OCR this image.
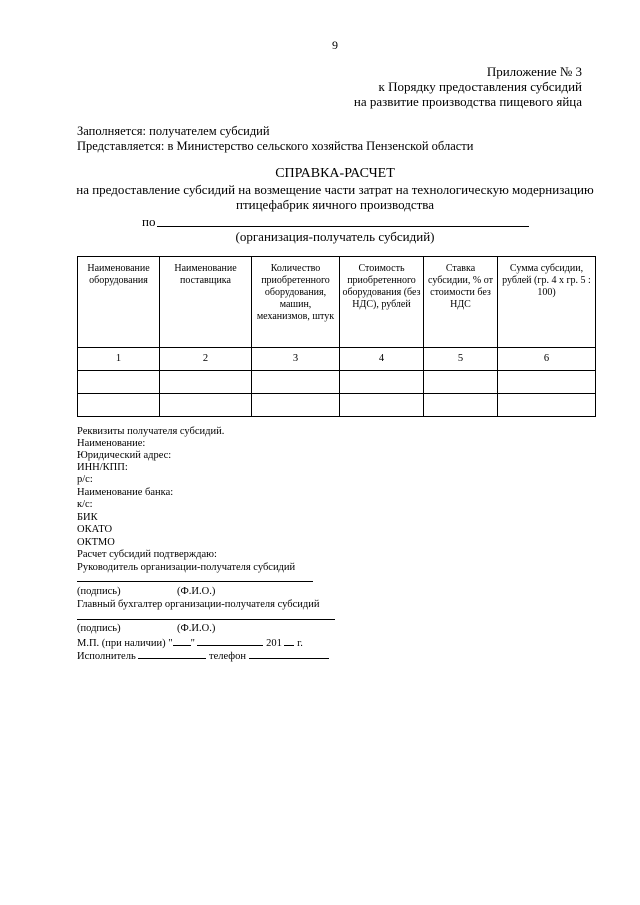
9
Приложение № 3
к Порядку предоставления субсидий
на развитие производства пищевого яйца
Заполняется: получателем субсидий
Представляется: в Министерство сельского хозяйства Пензенской области
СПРАВКА-РАСЧЕТ
на предоставление субсидий на возмещение части затрат на технологическую модернизацию
птицефабрик яичного производства
по
(организация-получатель субсидий)
Наименование оборудования	Наименование поставщика	Количество приобретенного оборудования, машин, механизмов, штук	Стоимость приобретенного оборудования (без НДС), рублей	Ставка субсидии, % от стоимости без НДС	Сумма субсидии, рублей (гр. 4 x гр. 5 : 100)
1	2	3	4	5	6

Реквизиты получателя субсидий.
Наименование:
Юридический адрес:
ИНН/КПП:
р/с:
Наименование банка:
к/с:
БИК
ОКАТО
ОКТМО
Расчет субсидий подтверждаю:
Руководитель организации-получателя субсидий
(подпись)	(Ф.И.О.)
Главный бухгалтер организации-получателя субсидий
(подпись)	(Ф.И.О.)
М.П. (при наличии) " "	201 г.
Исполнитель	телефон
